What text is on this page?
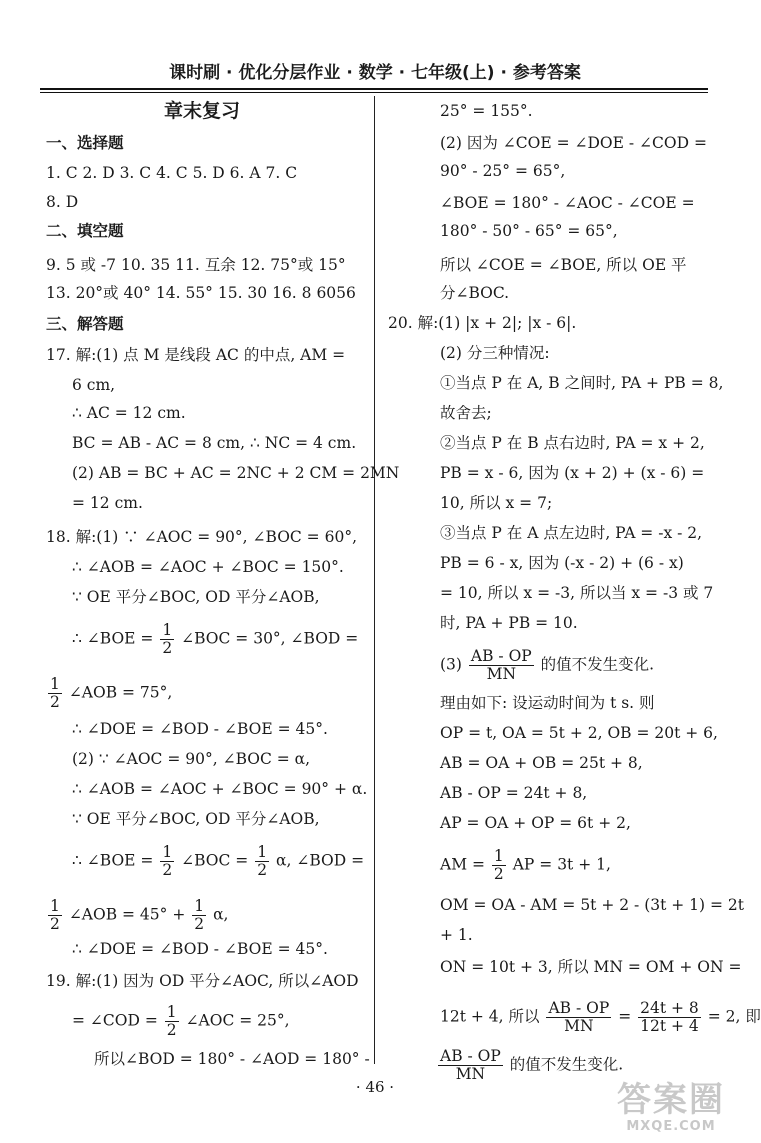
课时刷 · 优化分层作业 · 数学 · 七年级(上) · 参考答案
章末复习
一、选择题
1. C 2. D 3. C 4. C 5. D 6. A 7. C
8. D
二、填空题
9. 5 或 -7 10. 35 11. 互余 12. 75°或 15°
13. 20°或 40° 14. 55° 15. 30 16. 8 6056
三、解答题
17. 解:(1) 点 M 是线段 AC 的中点, AM =
6 cm,
∴ AC = 12 cm.
BC = AB - AC = 8 cm, ∴ NC = 4 cm.
(2) AB = BC + AC = 2NC + 2 CM = 2MN
= 12 cm.
18. 解:(1) ∵ ∠AOC = 90°, ∠BOC = 60°,
∴ ∠AOB = ∠AOC + ∠BOC = 150°.
∵ OE 平分∠BOC, OD 平分∠AOB,
∴ ∠BOE = $\frac{1}{2}$ ∠BOC = 30°, ∠BOD =
$\frac{1}{2}$ ∠AOB = 75°,
∴ ∠DOE = ∠BOD - ∠BOE = 45°.
(2) ∵ ∠AOC = 90°, ∠BOC = α,
∴ ∠AOB = ∠AOC + ∠BOC = 90° + α.
∵ OE 平分∠BOC, OD 平分∠AOB,
∴ ∠BOE = $\frac{1}{2}$ ∠BOC = $\frac{1}{2} \alpha$, ∠BOD =
$\frac{1}{2}$ ∠AOB = $45^\circ + \frac{1}{2} \alpha$,
∴ ∠DOE = ∠BOD - ∠BOE = 45°.
19. 解:(1) 因为 OD 平分∠AOC, 所以∠AOD
= ∠COD = $\frac{1}{2}$ ∠AOC = 25°,
所以∠BOD = 180° - ∠AOD = 180° -
25° = 155°.
(2) 因为 ∠COE = ∠DOE - ∠COD =
90° - 25° = 65°,
∠BOE = 180° - ∠AOC - ∠COE =
180° - 50° - 65° = 65°,
所以 ∠COE = ∠BOE, 所以 OE 平
分∠BOC.
20. 解:(1) |x + 2|; |x - 6|.
(2) 分三种情况:
①当点 P 在 A, B 之间时, PA + PB = 8,
故舍去;
②当点 P 在 B 点右边时, PA = x + 2,
PB = x - 6, 因为 (x + 2) + (x - 6) =
10, 所以 x = 7;
③当点 P 在 A 点左边时, PA = -x - 2,
PB = 6 - x, 因为 (-x - 2) + (6 - x)
= 10, 所以 x = -3, 所以当 x = -3 或 7
时, PA + PB = 10.
$(3) \frac{AB - OP}{MN}$ 的值不发生变化.
理由如下: 设运动时间为 t s. 则
OP = t, OA = 5t + 2, OB = 20t + 6,
AB = OA + OB = 25t + 8,
AB - OP = 24t + 8,
AP = OA + OP = 6t + 2,
AM = $\frac{1}{2}$ AP = 3t + 1,
OM = OA - AM = 5t + 2 - (3t + 1) = 2t
+ 1.
ON = 10t + 3, 所以 MN = OM + ON =
12t + 4, 所以 $\frac{AB - OP}{MN} = \frac{24t + 8}{12t + 4} = 2$, 即
$\frac{AB - OP}{MN}$ 的值不发生变化.
· 46 ·	答案圈
MXQE.COM
